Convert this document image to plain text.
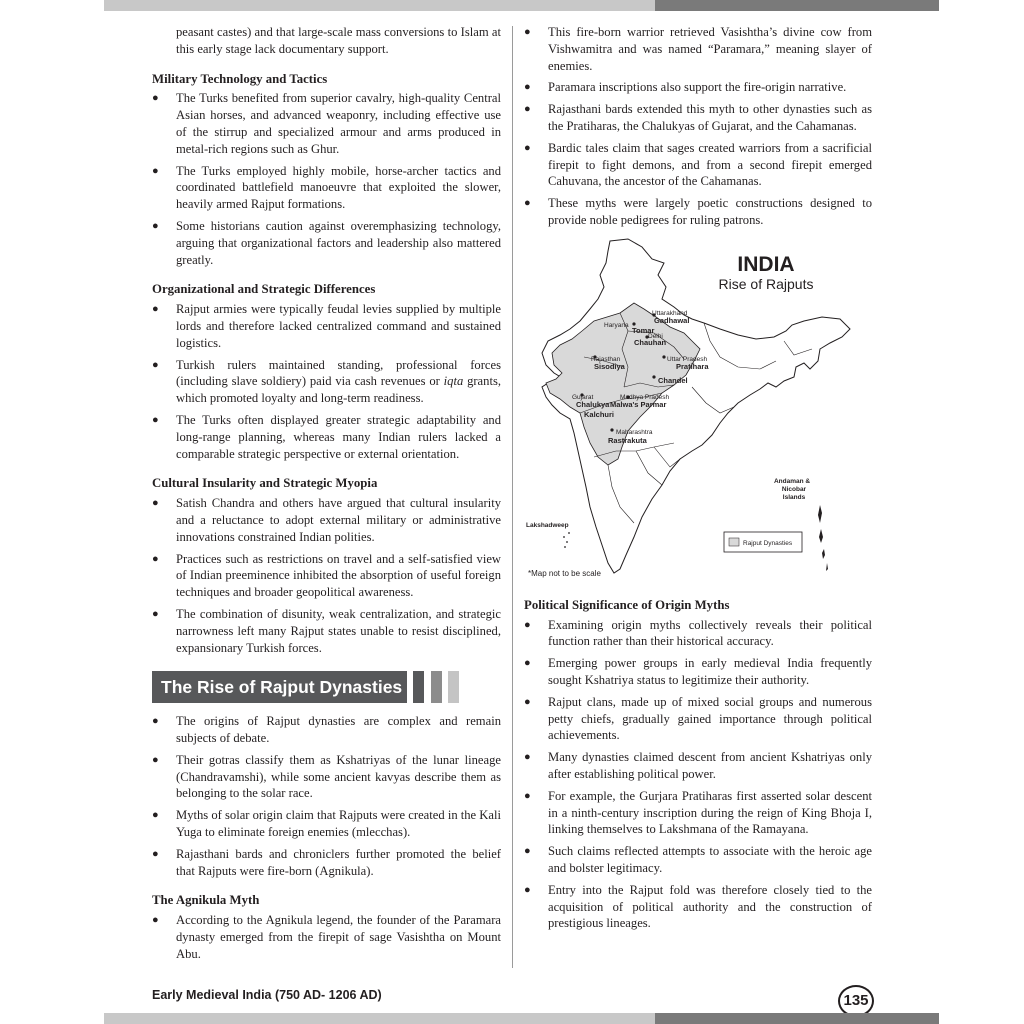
peasant castes) and that large-scale mass conversions to Islam at this early stage lack documentary support.

Military Technology and Tactics
● The Turks benefited from superior cavalry, high-quality Central Asian horses, and advanced weaponry, including effective use of the stirrup and specialized armour and arms produced in metal-rich regions such as Ghur.
● The Turks employed highly mobile, horse-archer tactics and coordinated battlefield manoeuvre that exploited the slower, heavily armed Rajput formations.
● Some historians caution against overemphasizing technology, arguing that organizational factors and leadership also mattered greatly.
Organizational and Strategic Differences
● Rajput armies were typically feudal levies supplied by multiple lords and therefore lacked centralized command and sustained logistics.
● Turkish rulers maintained standing, professional forces (including slave soldiery) paid via cash revenues or iqta grants, which promoted loyalty and long-term readiness.
● The Turks often displayed greater strategic adaptability and long-range planning, whereas many Indian rulers lacked a comparable strategic perspective or external orientation.
Cultural Insularity and Strategic Myopia
● Satish Chandra and others have argued that cultural insularity and a reluctance to adopt external military or administrative innovations constrained Indian polities.
● Practices such as restrictions on travel and a self-satisfied view of Indian preeminence inhibited the absorption of useful foreign techniques and broader geopolitical awareness.
● The combination of disunity, weak centralization, and strategic narrowness left many Rajput states unable to resist disciplined, expansionary Turkish forces.
The Rise of Rajput Dynasties
● The origins of Rajput dynasties are complex and remain subjects of debate.
● Their gotras classify them as Kshatriyas of the lunar lineage (Chandravamshi), while some ancient kavyas describe them as belonging to the solar race.
● Myths of solar origin claim that Rajputs were created in the Kali Yuga to eliminate foreign enemies (mlecchas).
● Rajasthani bards and chroniclers further promoted the belief that Rajputs were fire-born (Agnikula).
The Agnikula Myth
● According to the Agnikula legend, the founder of the Paramara dynasty emerged from the firepit of sage Vasishtha on Mount Abu.
● This fire-born warrior retrieved Vasishtha’s divine cow from Vishwamitra and was named “Paramara,” meaning slayer of enemies.
● Paramara inscriptions also support the fire-origin narrative.
● Rajasthani bards extended this myth to other dynasties such as the Pratiharas, the Chalukyas of Gujarat, and the Cahamanas.
● Bardic tales claim that sages created warriors from a sacrificial firepit to fight demons, and from a second firepit emerged Cahuvana, the ancestor of the Cahamanas.
● These myths were largely poetic constructions designed to provide noble pedigrees for ruling patrons.
INDIA
Rise of Rajputs
Uttarakhand
Gadhawal
Haryana
Tomar
Delhi
Chauhan
Rajasthan
Sisodiya
Uttar Pradesh
Pratihara
Chandel
Gujarat
Chalukya
Kalchuri
Madhya Pradesh
Malwa's Parmar
Maharashtra
Rastrakuta
Andaman &
Nicobar
Islands
Lakshadweep
Rajput Dynasties
*Map not to be scale
Political Significance of Origin Myths
● Examining origin myths collectively reveals their political function rather than their historical accuracy.
● Emerging power groups in early medieval India frequently sought Kshatriya status to legitimize their authority.
● Rajput clans, made up of mixed social groups and numerous petty chiefs, gradually gained importance through political achievements.
● Many dynasties claimed descent from ancient Kshatriyas only after establishing political power.
● For example, the Gurjara Pratiharas first asserted solar descent in a ninth-century inscription during the reign of King Bhoja I, linking themselves to Lakshmana of the Ramayana.
● Such claims reflected attempts to associate with the heroic age and bolster legitimacy.
● Entry into the Rajput fold was therefore closely tied to the acquisition of political authority and the construction of prestigious lineages.
Early Medieval India (750 AD- 1206 AD)	135
